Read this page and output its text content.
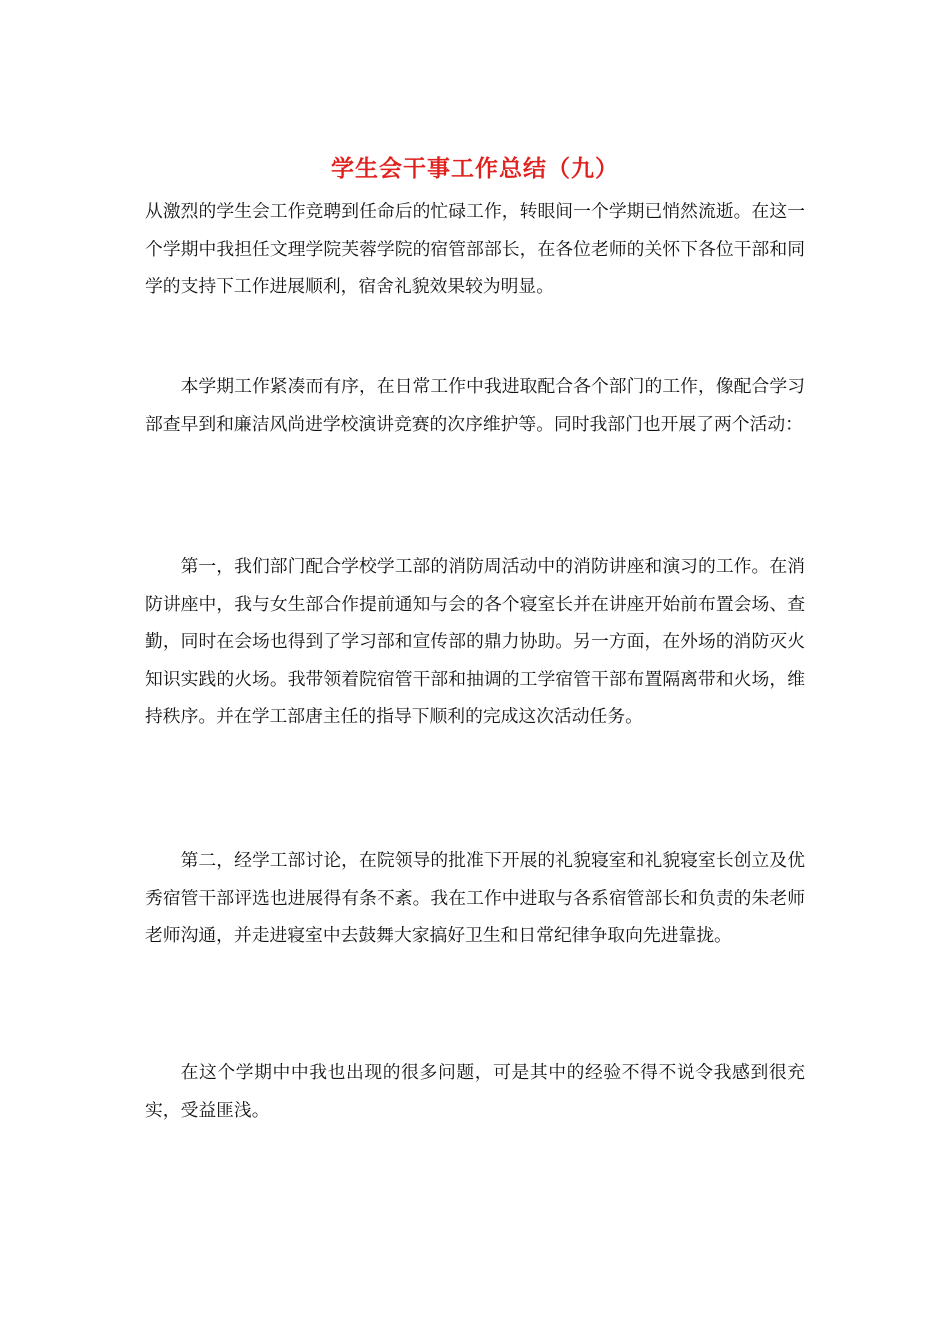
学生会干事工作总结（九）

从激烈的学生会工作竞聘到任命后的忙碌工作，转眼间一个学期已悄然流逝。在这一个学期中我担任文理学院芙蓉学院的宿管部部长，在各位老师的关怀下各位干部和同学的支持下工作进展顺利，宿舍礼貌效果较为明显。

本学期工作紧凑而有序，在日常工作中我进取配合各个部门的工作，像配合学习部查早到和廉洁风尚进学校演讲竞赛的次序维护等。同时我部门也开展了两个活动：

第一，我们部门配合学校学工部的消防周活动中的消防讲座和演习的工作。在消防讲座中，我与女生部合作提前通知与会的各个寝室长并在讲座开始前布置会场、查勤，同时在会场也得到了学习部和宣传部的鼎力协助。另一方面，在外场的消防灭火知识实践的火场。我带领着院宿管干部和抽调的工学宿管干部布置隔离带和火场，维持秩序。并在学工部唐主任的指导下顺利的完成这次活动任务。

第二，经学工部讨论，在院领导的批准下开展的礼貌寝室和礼貌寝室长创立及优秀宿管干部评选也进展得有条不紊。我在工作中进取与各系宿管部长和负责的朱老师老师沟通，并走进寝室中去鼓舞大家搞好卫生和日常纪律争取向先进靠拢。

在这个学期中中我也出现的很多问题，可是其中的经验不得不说令我感到很充实，受益匪浅。
